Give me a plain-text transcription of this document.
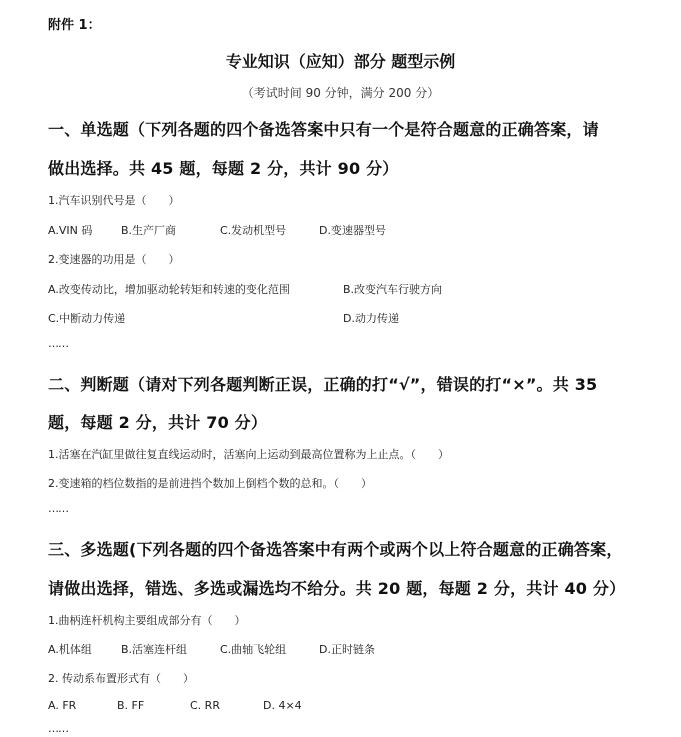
附件 1：
专业知识（应知）部分 题型示例
（考试时间 90 分钟，满分 200 分）
一、单选题（下列各题的四个备选答案中只有一个是符合题意的正确答案，请
做出选择。共 45 题，每题 2 分，共计 90 分）
1.汽车识别代号是（　　）
A.VIN 码	B.生产厂商	C.发动机型号	D.变速器型号
2.变速器的功用是（　　）
A.改变传动比，增加驱动轮转矩和转速的变化范围	B.改变汽车行驶方向
C.中断动力传递	D.动力传递
……
二、判断题（请对下列各题判断正误，正确的打“√”，错误的打“×”。共 35
题，每题 2 分，共计 70 分）
1.活塞在汽缸里做往复直线运动时，活塞向上运动到最高位置称为上止点。（　　）
2.变速箱的档位数指的是前进挡个数加上倒档个数的总和。（　　）
……
三、多选题(下列各题的四个备选答案中有两个或两个以上符合题意的正确答案，
请做出选择，错选、多选或漏选均不给分。共 20 题，每题 2 分，共计 40 分）
1.曲柄连杆机构主要组成部分有（　　）
A.机体组	B.活塞连杆组	C.曲轴飞轮组	D.正时链条
2. 传动系布置形式有（　　）
A. FR	B. FF	C. RR	D. 4×4
……
